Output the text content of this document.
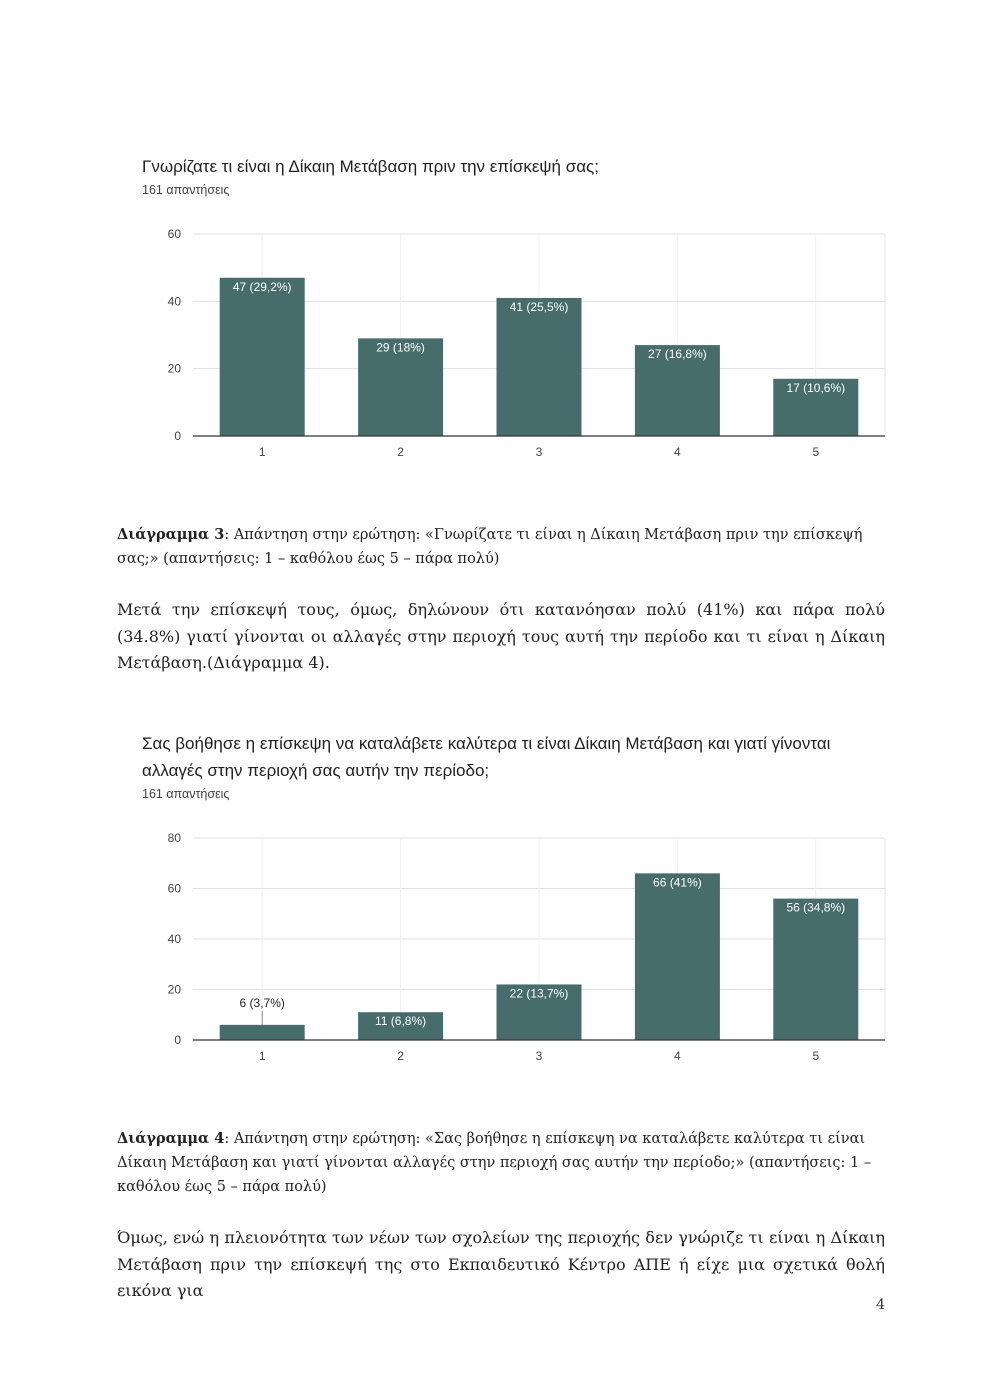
Γνωρίζατε τι είναι η Δίκαιη Μετάβαση πριν την επίσκεψή σας;
161 απαντήσεις
0
20
40
60
47 (29,2%)
1
29 (18%)
2
41 (25,5%)
3
27 (16,8%)
4
17 (10,6%)
5
Διάγραμμα 3: Απάντηση στην ερώτηση: «Γνωρίζατε τι είναι η Δίκαιη Μετάβαση πριν την επίσκεψή σας;» (απαντήσεις: 1 – καθόλου έως 5 – πάρα πολύ)
Μετά την επίσκεψή τους, όμως, δηλώνουν ότι κατανόησαν πολύ (41%) και πάρα πολύ (34.8%) γιατί γίνονται οι αλλαγές στην περιοχή τους αυτή την περίοδο και τι είναι η Δίκαιη Μετάβαση.(Διάγραμμα 4).
Σας βοήθησε η επίσκεψη να καταλάβετε καλύτερα τι είναι Δίκαιη Μετάβαση και γιατί γίνονται αλλαγές στην περιοχή σας αυτήν την περίοδο;
161 απαντήσεις
0
20
40
60
80
6 (3,7%)
1
11 (6,8%)
2
22 (13,7%)
3
66 (41%)
4
56 (34,8%)
5
Διάγραμμα 4: Απάντηση στην ερώτηση: «Σας βοήθησε η επίσκεψη να καταλάβετε καλύτερα τι είναι Δίκαιη Μετάβαση και γιατί γίνονται αλλαγές στην περιοχή σας αυτήν την περίοδο;» (απαντήσεις: 1 – καθόλου έως 5 – πάρα πολύ)
Όμως, ενώ η πλειονότητα των νέων των σχολείων της περιοχής δεν γνώριζε τι είναι η Δίκαιη Μετάβαση πριν την επίσκεψή της στο Εκπαιδευτικό Κέντρο ΑΠΕ ή είχε μια σχετικά θολή εικόνα για
4
